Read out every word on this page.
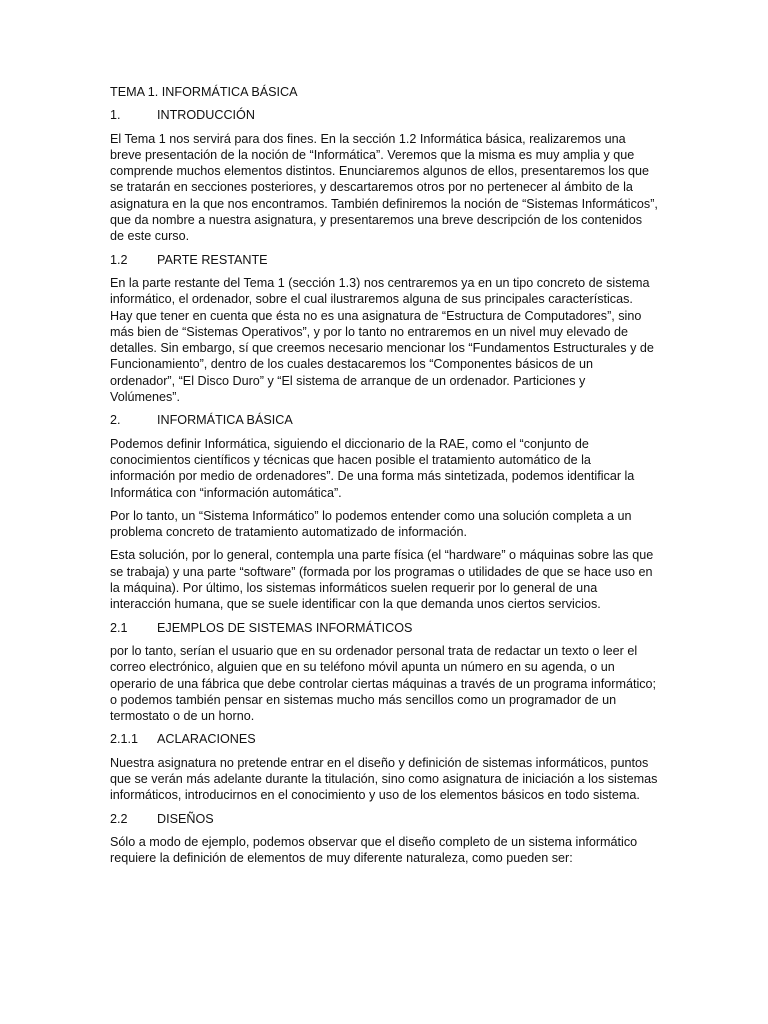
TEMA 1. INFORMÁTICA BÁSICA

1.	INTRODUCCIÓN

El Tema 1 nos servirá para dos fines. En la sección 1.2 Informática básica, realizaremos una breve presentación de la noción de “Informática”. Veremos que la misma es muy amplia y que comprende muchos elementos distintos. Enunciaremos algunos de ellos, presentaremos los que se tratarán en secciones posteriores, y descartaremos otros por no pertenecer al ámbito de la asignatura en la que nos encontramos. También definiremos la noción de “Sistemas Informáticos”, que da nombre a nuestra asignatura, y presentaremos una breve descripción de los contenidos de este curso.

1.2	PARTE RESTANTE

En la parte restante del Tema 1 (sección 1.3) nos centraremos ya en un tipo concreto de sistema informático, el ordenador, sobre el cual ilustraremos alguna de sus principales características. Hay que tener en cuenta que ésta no es una asignatura de “Estructura de Computadores”, sino más bien de “Sistemas Operativos”, y por lo tanto no entraremos en un nivel muy elevado de detalles. Sin embargo, sí que creemos necesario mencionar los “Fundamentos Estructurales y de Funcionamiento”, dentro de los cuales destacaremos los “Componentes básicos de un ordenador”, “El Disco Duro” y “El sistema de arranque de un ordenador. Particiones y Volúmenes”.

2.	INFORMÁTICA BÁSICA

Podemos definir Informática, siguiendo el diccionario de la RAE, como el “conjunto de conocimientos científicos y técnicas que hacen posible el tratamiento automático de la información por medio de ordenadores”. De una forma más sintetizada, podemos identificar la Informática con “información automática”.

Por lo tanto, un “Sistema Informático” lo podemos entender como una solución completa a un problema concreto de tratamiento automatizado de información.

Esta solución, por lo general, contempla una parte física (el “hardware” o máquinas sobre las que se trabaja) y una parte “software” (formada por los programas o utilidades de que se hace uso en la máquina). Por último, los sistemas informáticos suelen requerir por lo general de una interacción humana, que se suele identificar con la que demanda unos ciertos servicios.

2.1	EJEMPLOS DE SISTEMAS INFORMÁTICOS

por lo tanto, serían el usuario que en su ordenador personal trata de redactar un texto o leer el correo electrónico, alguien que en su teléfono móvil apunta un número en su agenda, o un operario de una fábrica que debe controlar ciertas máquinas a través de un programa informático; o podemos también pensar en sistemas mucho más sencillos como un programador de un termostato o de un horno.

2.1.1	ACLARACIONES

Nuestra asignatura no pretende entrar en el diseño y definición de sistemas informáticos, puntos que se verán más adelante durante la titulación, sino como asignatura de iniciación a los sistemas informáticos, introducirnos en el conocimiento y uso de los elementos básicos en todo sistema.

2.2	DISEÑOS

Sólo a modo de ejemplo, podemos observar que el diseño completo de un sistema informático requiere la definición de elementos de muy diferente naturaleza, como pueden ser:
